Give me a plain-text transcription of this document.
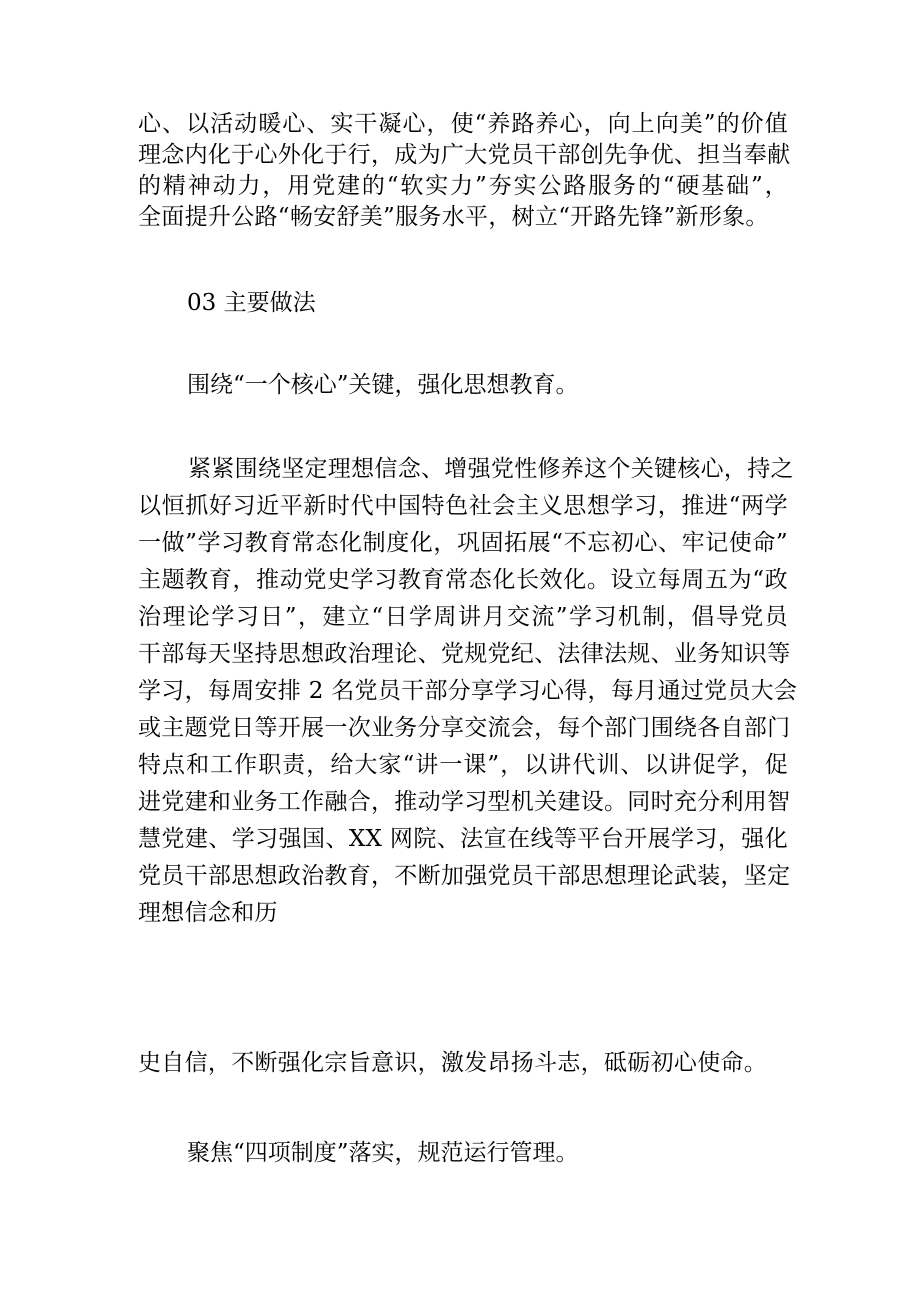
心、以活动暖心、实干凝心，使“养路养心，向上向美”的价值
理念内化于心外化于行，成为广大党员干部创先争优、担当奉献
的精神动力，用党建的“软实力”夯实公路服务的“硬基础”，
全面提升公路“畅安舒美”服务水平，树立“开路先锋”新形象。
03 主要做法
围绕“一个核心”关键，强化思想教育。
紧紧围绕坚定理想信念、增强党性修养这个关键核心，持之
以恒抓好习近平新时代中国特色社会主义思想学习，推进“两学
一做”学习教育常态化制度化，巩固拓展“不忘初心、牢记使命”
主题教育，推动党史学习教育常态化长效化。设立每周五为“政
治理论学习日”，建立“日学周讲月交流”学习机制，倡导党员
干部每天坚持思想政治理论、党规党纪、法律法规、业务知识等
学习，每周安排 2 名党员干部分享学习心得，每月通过党员大会
或主题党日等开展一次业务分享交流会，每个部门围绕各自部门
特点和工作职责，给大家“讲一课”，以讲代训、以讲促学，促
进党建和业务工作融合，推动学习型机关建设。同时充分利用智
慧党建、学习强国、XX 网院、法宣在线等平台开展学习，强化
党员干部思想政治教育，不断加强党员干部思想理论武装，坚定
理想信念和历
史自信，不断强化宗旨意识，激发昂扬斗志，砥砺初心使命。
聚焦“四项制度”落实，规范运行管理。
